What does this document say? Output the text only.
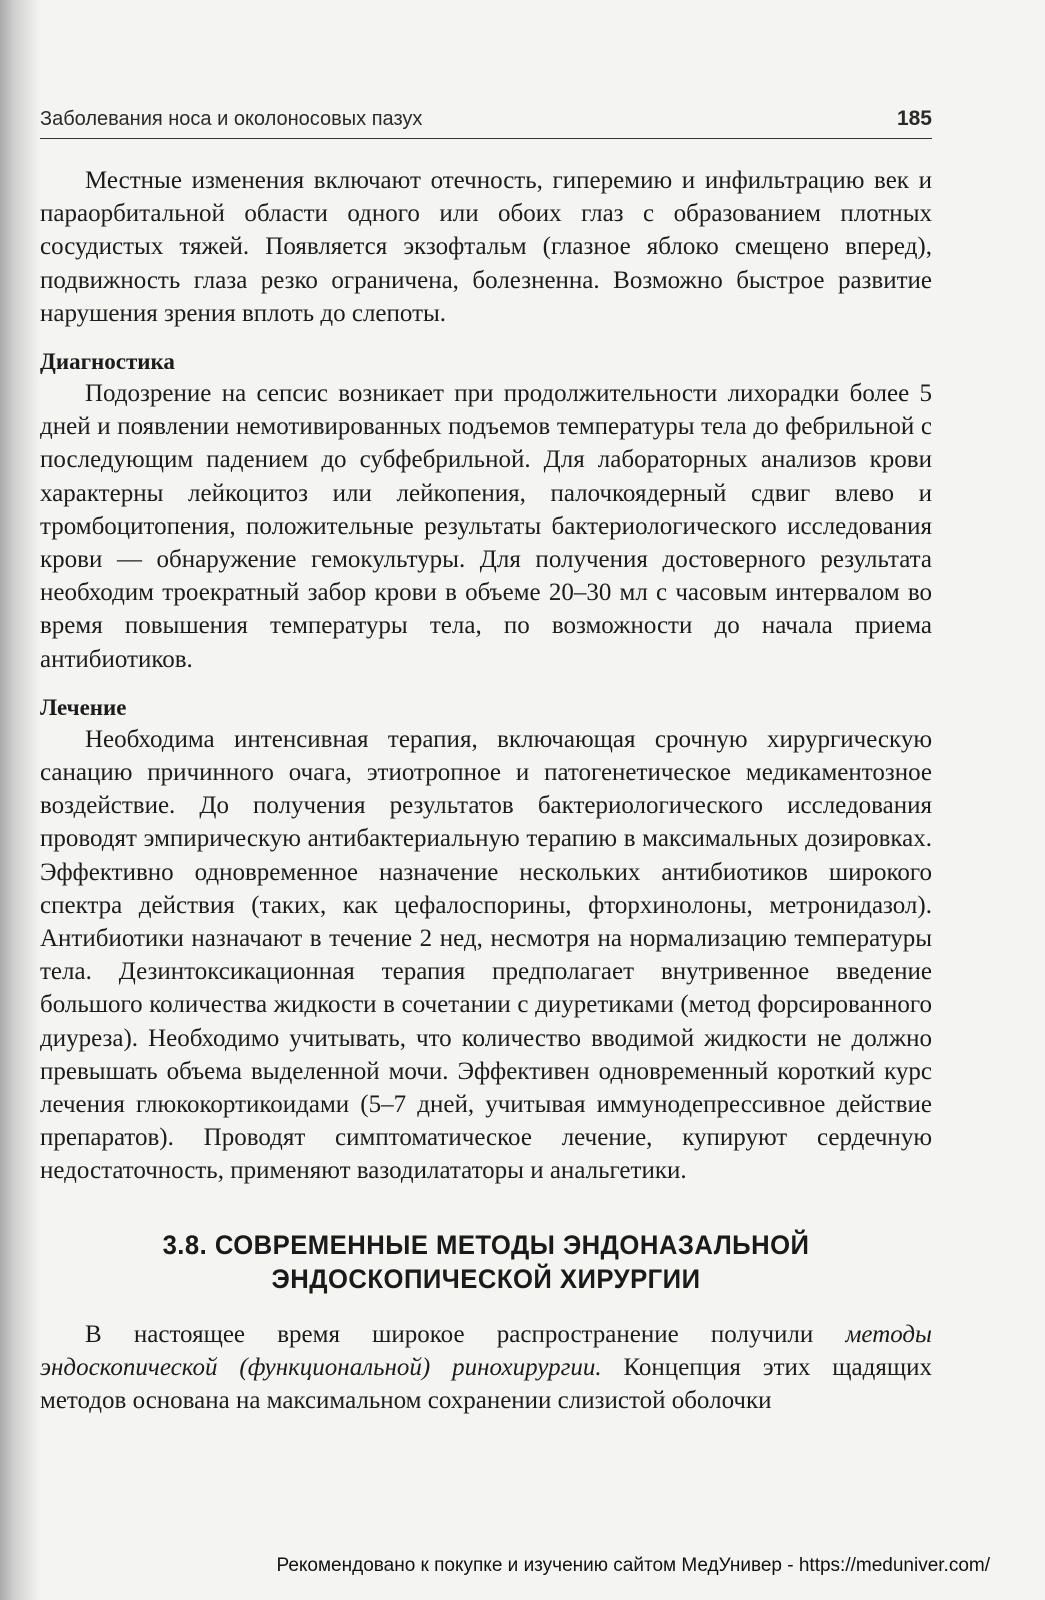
Заболевания носа и околоносовых пазух	185

Местные изменения включают отечность, гиперемию и инфильтрацию век и параорбитальной области одного или обоих глаз с образованием плотных сосудистых тяжей. Появляется экзофтальм (глазное яблоко смещено вперед), подвижность глаза резко ограничена, болезненна. Возможно быстрое развитие нарушения зрения вплоть до слепоты.

Диагностика

Подозрение на сепсис возникает при продолжительности лихорадки более 5 дней и появлении немотивированных подъемов температуры тела до фебрильной с последующим падением до субфебрильной. Для лабораторных анализов крови характерны лейкоцитоз или лейкопения, палочкоядерный сдвиг влево и тромбоцитопения, положительные результаты бактериологического исследования крови — обнаружение гемокультуры. Для получения достоверного результата необходим троекратный забор крови в объеме 20–30 мл с часовым интервалом во время повышения температуры тела, по возможности до начала приема антибиотиков.

Лечение

Необходима интенсивная терапия, включающая срочную хирургическую санацию причинного очага, этиотропное и патогенетическое медикаментозное воздействие. До получения результатов бактериологического исследования проводят эмпирическую антибактериальную терапию в максимальных дозировках. Эффективно одновременное назначение нескольких антибиотиков широкого спектра действия (таких, как цефалоспорины, фторхинолоны, метронидазол). Антибиотики назначают в течение 2 нед, несмотря на нормализацию температуры тела. Дезинтоксикационная терапия предполагает внутривенное введение большого количества жидкости в сочетании с диуретиками (метод форсированного диуреза). Необходимо учитывать, что количество вводимой жидкости не должно превышать объема выделенной мочи. Эффективен одновременный короткий курс лечения глюкокортикоидами (5–7 дней, учитывая иммунодепрессивное действие препаратов). Проводят симптоматическое лечение, купируют сердечную недостаточность, применяют вазодилататоры и анальгетики.

3.8. СОВРЕМЕННЫЕ МЕТОДЫ ЭНДОНАЗАЛЬНОЙ
ЭНДОСКОПИЧЕСКОЙ ХИРУРГИИ

В настоящее время широкое распространение получили методы эндоскопической (функциональной) ринохирургии. Концепция этих щадящих методов основана на максимальном сохранении слизистой оболочки

Рекомендовано к покупке и изучению сайтом МедУнивер - https://meduniver.com/
